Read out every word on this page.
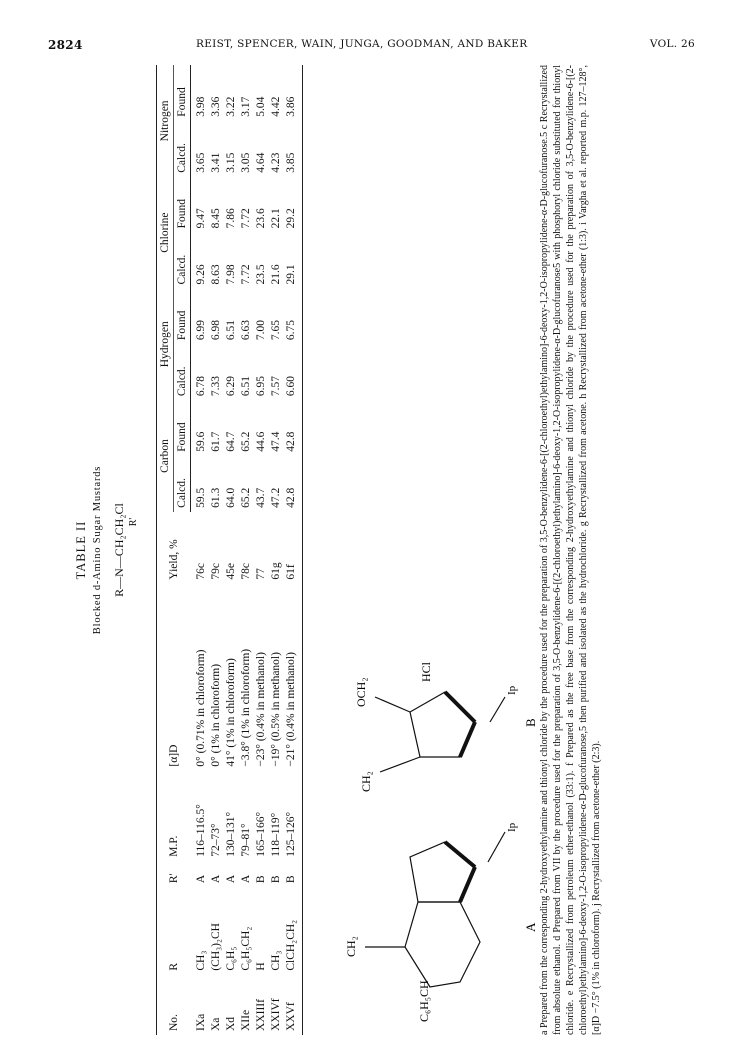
2824	REIST, SPENCER, WAIN, JUNGA, GOODMAN, AND BAKER	VOL. 26
TABLE II Blocked d-Amino Sugar Mustards R—N—CH₂CH₂Cl R'
No.	R	R'	M.P.	[α]D	Yield, %	Carbon		Hydrogen		Chlorine		Nitrogen	
						Calcd.	Found	Calcd.	Found	Calcd.	Found	Calcd.	Found
IXa	CH₃	A	116–116.5°	0° (0.71% in chloroform)	76c	59.5	59.6	6.78	6.99	9.26	9.47	3.65	3.98
Xa	(CH₃)₂CH	A	72–73°	0° (1% in chloroform)	79c	61.3	61.7	7.33	6.98	8.63	8.45	3.41	3.36
Xd	C₆H₅	A	130–131°	41° (1% in chloroform)	45e	64.0	64.7	6.29	6.51	7.98	7.86	3.15	3.22
XIIe	C₆H₅CH₂	A	79–81°	−3.8° (1% in chloroform)	78c	65.2	65.2	6.51	6.63	7.72	7.72	3.05	3.17
XXIIIf	H	B	165–166°	−23° (0.4% in methanol)	77	43.7	44.6	6.95	7.00	23.5	23.6	4.64	5.04
XXIVf	CH₃	B	118–119°	−19° (0.5% in methanol)	61g	47.2	47.4	7.57	7.65	21.6	22.1	4.23	4.42
XXVf	ClCH₂CH₂	B	125–126°	−21° (0.4% in methanol)	61f	42.8	42.8	6.60	6.75	29.1	29.2	3.85	3.86
CH₂
C₆H₅CH
Ip
A
CH₂
OCH₂
HCl
Ip
B a Prepared from the corresponding 2-hydroxyethylamine and thionyl chloride by the procedure used for the preparation of 3,5-O-benzylidene-6-[(2-chloroethyl)ethylamino]-6-deoxy-1,2-O-isopropylidene-α-D-glucofuranose.5 c Recrystallized from absolute ethanol. d Prepared from VII by the procedure used for the preparation of 3,5-O-benzylidene-6-[(2-chloroethyl)ethylamino]-6-deoxy-1,2-O-isopropylidene-α-D-glucofuranose5 with phosphoryl chloride substituted for thionyl chloride. e Recrystallized from petroleum ether-ethanol (33:1). f Prepared as the free base from the corresponding 2-hydroxyethylamine and thionyl chloride by the procedure used for the preparation of 3,5-O-benzylidene-6-[(2-chloroethyl)ethylamino]-6-deoxy-1,2-O-isopropylidene-α-D-glucofuranose,5 then purified and isolated as the hydrochloride. g Recrystallized from acetone. h Recrystallized from acetone-ether (1:3). i Vargha et al. reported m.p. 127–128°, [α]D −7.5° (1% in chloroform). j Recrystallized from acetone-ether (2:3).
